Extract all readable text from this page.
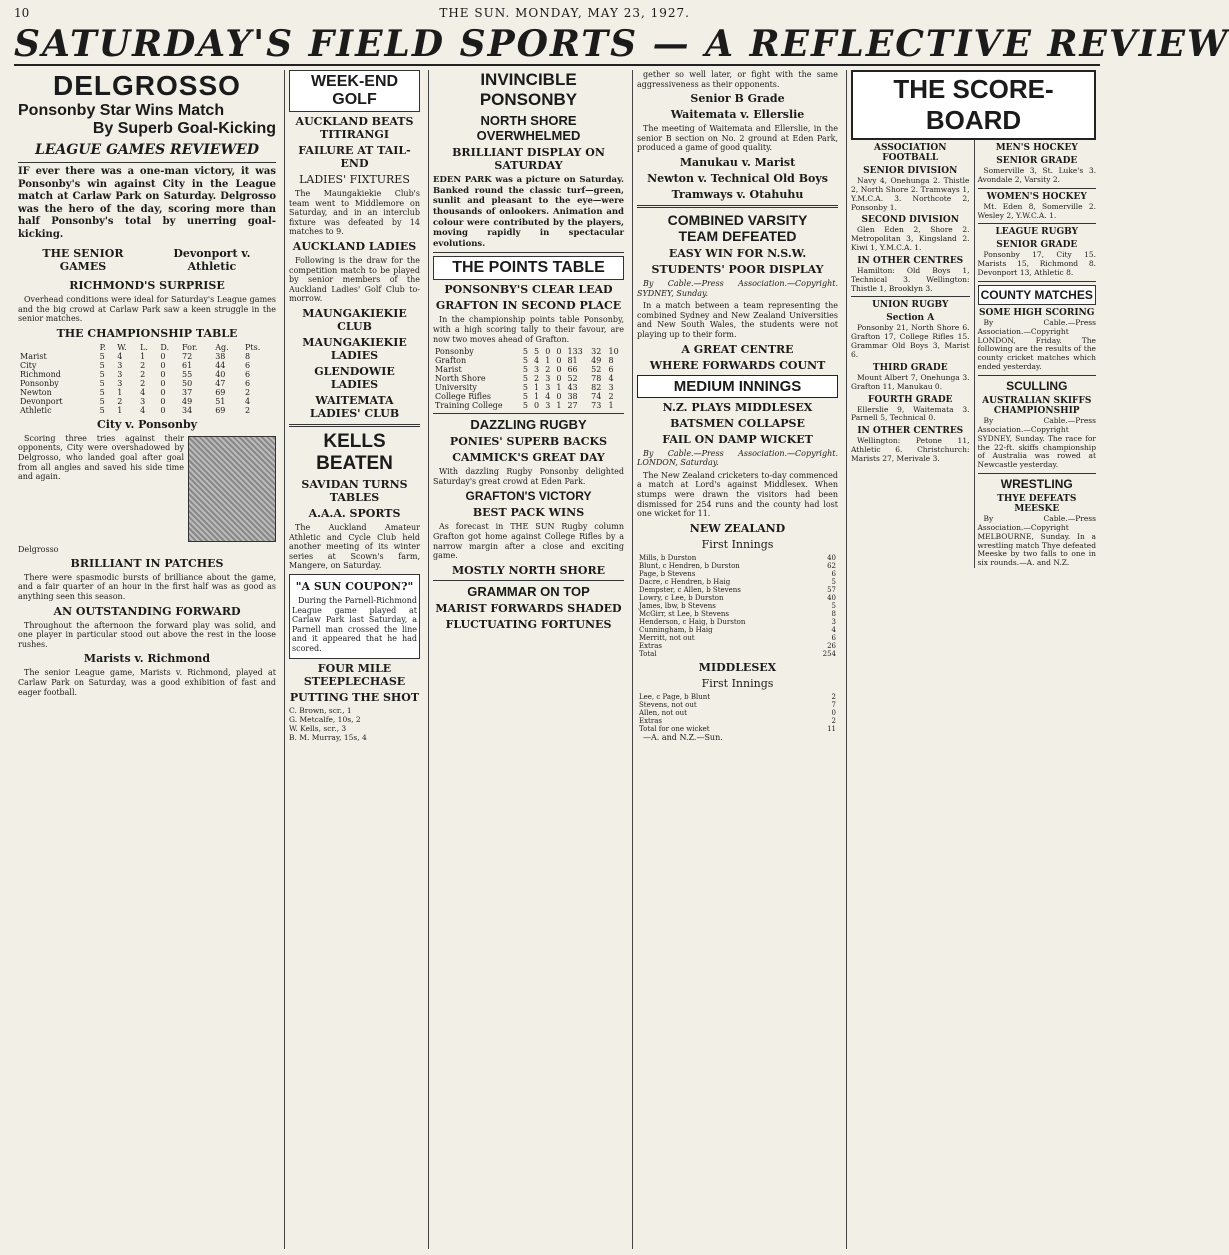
10	THE SUN. MONDAY, MAY 23, 1927.
SATURDAY'S FIELD SPORTS — A REFLECTIVE REVIEW
DELGROSSO
Ponsonby Star Wins Match
By Superb Goal-Kicking
LEAGUE GAMES REVIEWED

IF ever there was a one-man victory, it was Ponsonby's win against City in the League match at Carlaw Park on Saturday. Delgrosso was the hero of the day, scoring more than half Ponsonby's total by unerring goal-kicking.

THE SENIOR GAMES
Devonport v. Athletic
RICHMOND'S SURPRISE

Overhead conditions were ideal for Saturday's League games and the big crowd at Carlaw Park saw a keen struggle in the senior matches.

THE CHAMPIONSHIP TABLE
	P.	W.	L.	D.	For.	Ag.	Pts.
Marist	5	4	1	0	72	38	8
City	5	3	2	0	61	44	6
Richmond	5	3	2	0	55	40	6
Ponsonby	5	3	2	0	50	47	6
Newton	5	1	4	0	37	69	2
Devonport	5	2	3	0	49	51	4
Athletic	5	1	4	0	34	69	2
City v. Ponsonby

Scoring three tries against their opponents, City were overshadowed by Delgrosso, who landed goal after goal from all angles and saved his side time and again.

Delgrosso
BRILLIANT IN PATCHES

There were spasmodic bursts of brilliance about the game, and a fair quarter of an hour in the first half was as good as anything seen this season.

AN OUTSTANDING FORWARD

Throughout the afternoon the forward play was solid, and one player in particular stood out above the rest in the loose rushes.

Marists v. Richmond

The senior League game, Marists v. Richmond, played at Carlaw Park on Saturday, was a good exhibition of fast and eager football.

WEEK-END GOLF
AUCKLAND BEATS TITIRANGI
FAILURE AT TAIL-END
LADIES' FIXTURES

The Maungakiekie Club's team went to Middlemore on Saturday, and in an interclub fixture was defeated by 14 matches to 9.

AUCKLAND LADIES

Following is the draw for the competition match to be played by senior members of the Auckland Ladies' Golf Club to-morrow.

MAUNGAKIEKIE CLUB
MAUNGAKIEKIE LADIES
GLENDOWIE LADIES
WAITEMATA LADIES' CLUB
KELLS BEATEN
SAVIDAN TURNS TABLES
A.A.A. SPORTS

The Auckland Amateur Athletic and Cycle Club held another meeting of its winter series at Scown's farm, Mangere, on Saturday.

"A SUN COUPON?"

During the Parnell-Richmond League game played at Carlaw Park last Saturday, a Parnell man crossed the line and it appeared that he had scored.

FOUR MILE STEEPLECHASE
PUTTING THE SHOT
C. Brown, scr., 1
G. Metcalfe, 10s, 2
W. Kells, scr., 3
B. M. Murray, 15s, 4
INVINCIBLE PONSONBY
NORTH SHORE OVERWHELMED
BRILLIANT DISPLAY ON SATURDAY

EDEN PARK was a picture on Saturday. Banked round the classic turf—green, sunlit and pleasant to the eye—were thousands of onlookers. Animation and colour were contributed by the players, moving rapidly in spectacular evolutions.

THE POINTS TABLE
PONSONBY'S CLEAR LEAD
GRAFTON IN SECOND PLACE

In the championship points table Ponsonby, with a high scoring tally to their favour, are now two moves ahead of Grafton.

Ponsonby	5	5	0	0	133	32	10
Grafton	5	4	1	0	81	49	8
Marist	5	3	2	0	66	52	6
North Shore	5	2	3	0	52	78	4
University	5	1	3	1	43	82	3
College Rifles	5	1	4	0	38	74	2
Training College	5	0	3	1	27	73	1
DAZZLING RUGBY
PONIES' SUPERB BACKS
CAMMICK'S GREAT DAY

With dazzling Rugby Ponsonby delighted Saturday's great crowd at Eden Park.

GRAFTON'S VICTORY
BEST PACK WINS

As forecast in THE SUN Rugby column Grafton got home against College Rifles by a narrow margin after a close and exciting game.

MOSTLY NORTH SHORE
GRAMMAR ON TOP
MARIST FORWARDS SHADED
FLUCTUATING FORTUNES

gether so well later, or fight with the same aggressiveness as their opponents.

Senior B Grade
Waitemata v. Ellerslie

The meeting of Waitemata and Ellerslie, in the senior B section on No. 2 ground at Eden Park, produced a game of good quality.

Manukau v. Marist
Newton v. Technical Old Boys
Tramways v. Otahuhu
COMBINED VARSITY
TEAM DEFEATED
EASY WIN FOR N.S.W.
STUDENTS' POOR DISPLAY

By Cable.—Press Association.—Copyright. SYDNEY, Sunday.

In a match between a team representing the combined Sydney and New Zealand Universities and New South Wales, the students were not playing up to their form.

A GREAT CENTRE
WHERE FORWARDS COUNT
MEDIUM INNINGS
N.Z. PLAYS MIDDLESEX
BATSMEN COLLAPSE
FAIL ON DAMP WICKET

By Cable.—Press Association.—Copyright. LONDON, Saturday.

The New Zealand cricketers to-day commenced a match at Lord's against Middlesex. When stumps were drawn the visitors had been dismissed for 254 runs and the county had lost one wicket for 11.

NEW ZEALAND
First Innings
Mills, b Durston	40
Blunt, c Hendren, b Durston	62
Page, b Stevens	6
Dacre, c Hendren, b Haig	5
Dempster, c Allen, b Stevens	57
Lowry, c Lee, b Durston	40
James, lbw, b Stevens	5
McGirr, st Lee, b Stevens	8
Henderson, c Haig, b Durston	3
Cunningham, b Haig	4
Merritt, not out	6
Extras	26
Total	254
MIDDLESEX
First Innings
Lee, c Page, b Blunt	2
Stevens, not out	7
Allen, not out	0
Extras	2
Total for one wicket	11

—A. and N.Z.—Sun.

THE SCORE-BOARD
ASSOCIATION FOOTBALL
SENIOR DIVISION

Navy 4, Onehunga 2. Thistle 2, North Shore 2. Tramways 1, Y.M.C.A. 3. Northcote 2, Ponsonby 1.

SECOND DIVISION

Glen Eden 2, Shore 2. Metropolitan 3, Kingsland 2. Kiwi 1, Y.M.C.A. 1.

IN OTHER CENTRES

Hamilton: Old Boys 1, Technical 3. Wellington: Thistle 1, Brooklyn 3.

UNION RUGBY
Section A

Ponsonby 21, North Shore 6. Grafton 17, College Rifles 15. Grammar Old Boys 3, Marist 6.

THIRD GRADE

Mount Albert 7, Onehunga 3. Grafton 11, Manukau 0.

FOURTH GRADE

Ellerslie 9, Waitemata 3. Parnell 5, Technical 0.

IN OTHER CENTRES

Wellington: Petone 11, Athletic 6. Christchurch: Marists 27, Merivale 3.

MEN'S HOCKEY
SENIOR GRADE

Somerville 3, St. Luke's 3. Avondale 2, Varsity 2.

WOMEN'S HOCKEY

Mt. Eden 8, Somerville 2. Wesley 2, Y.W.C.A. 1.

LEAGUE RUGBY
SENIOR GRADE

Ponsonby 17, City 15. Marists 15, Richmond 8. Devonport 13, Athletic 8.

COUNTY MATCHES
SOME HIGH SCORING

By Cable.—Press Association.—Copyright LONDON, Friday. The following are the results of the county cricket matches which ended yesterday.

SCULLING
AUSTRALIAN SKIFFS CHAMPIONSHIP

By Cable.—Press Association.—Copyright SYDNEY, Sunday. The race for the 22-ft. skiffs championship of Australia was rowed at Newcastle yesterday.

WRESTLING
THYE DEFEATS MEESKE

By Cable.—Press Association.—Copyright MELBOURNE, Sunday. In a wrestling match Thye defeated Meeske by two falls to one in six rounds.—A. and N.Z.
